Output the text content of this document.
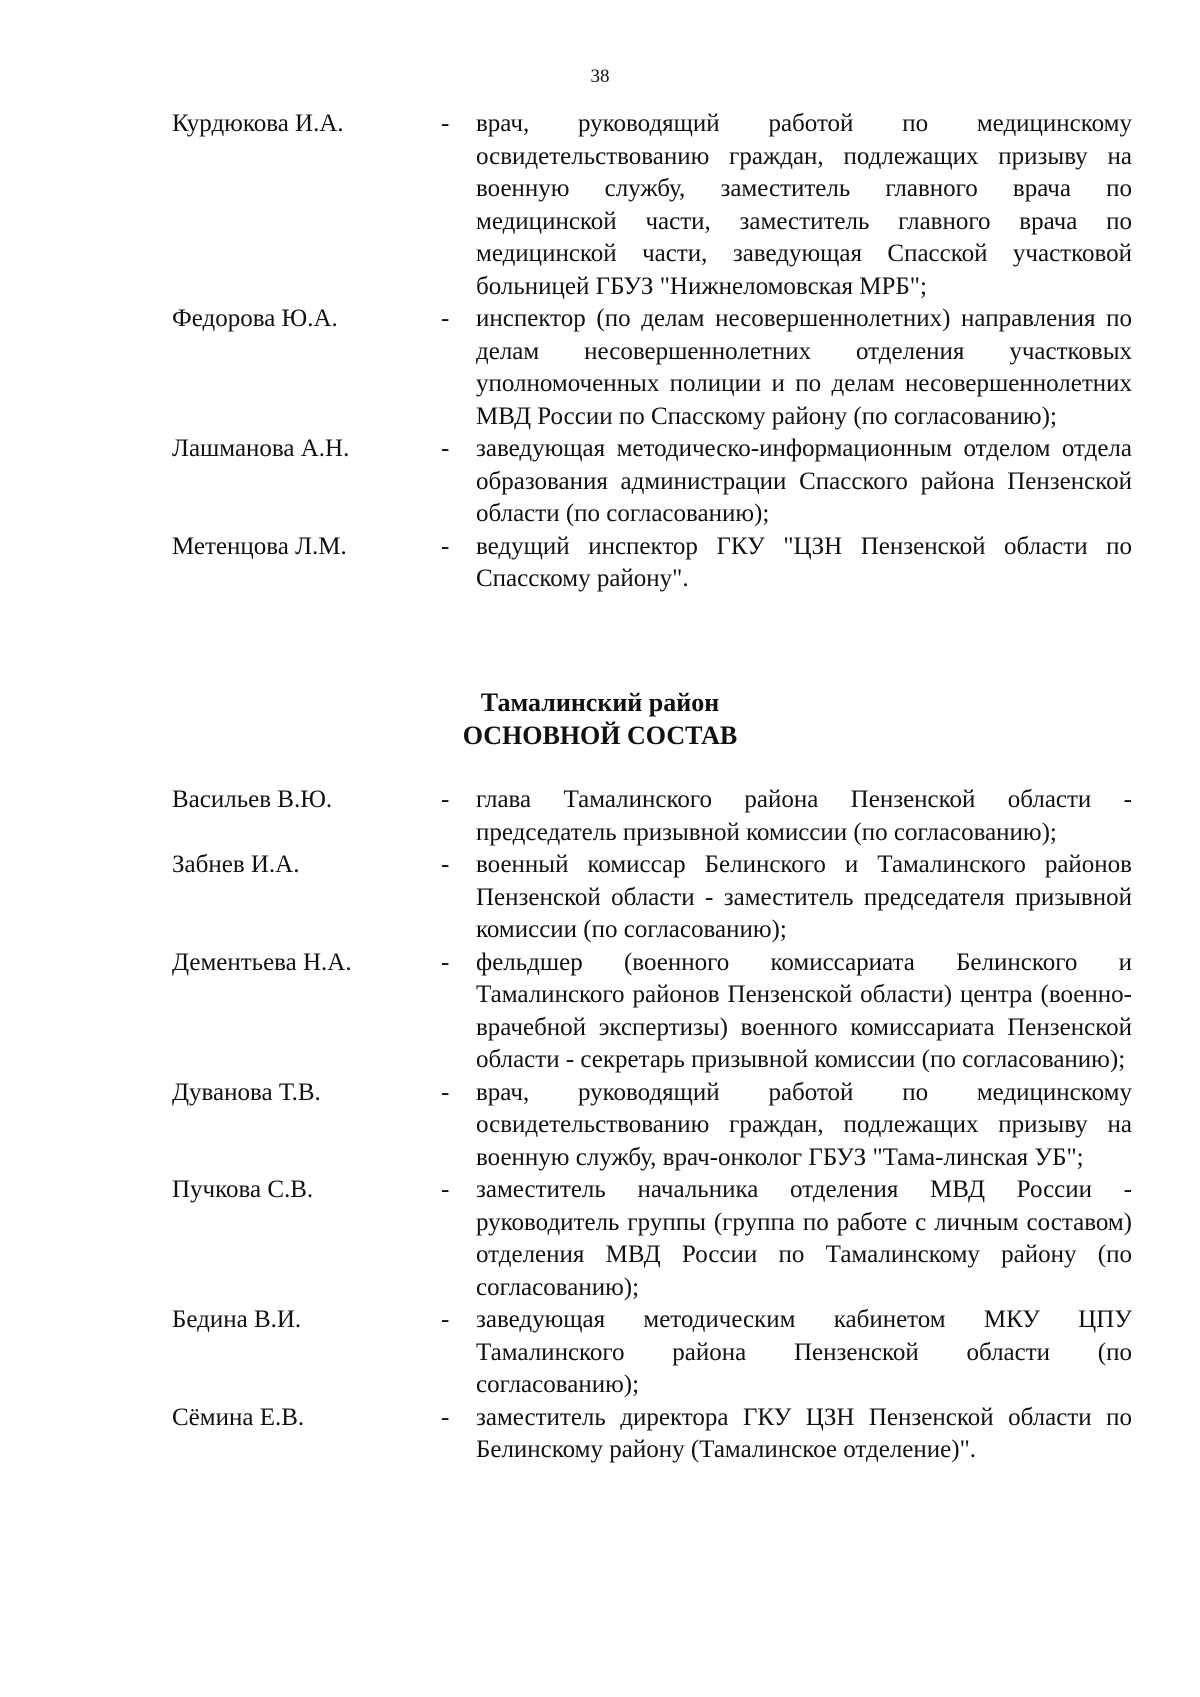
38
Курдюкова И.А.	- врач, руководящий работой по медицинскому освидетельствованию граждан, подлежащих призыву на военную службу, заместитель главного врача по медицинской части, заместитель главного врача по медицинской части, заведующая Спасской участковой больницей ГБУЗ "Нижнеломовская МРБ";
Федорова Ю.А.	- инспектор (по делам несовершеннолетних) направления по делам несовершеннолетних отделения участковых уполномоченных полиции и по делам несовершеннолетних МВД России по Спасскому району (по согласованию);
Лашманова А.Н.	- заведующая методическо-информационным отделом отдела образования администрации Спасского района Пензенской области (по согласованию);
Метенцова Л.М.	- ведущий инспектор ГКУ "ЦЗН Пензенской области по Спасскому району".
Тамалинский район
ОСНОВНОЙ СОСТАВ
Васильев В.Ю.	- глава Тамалинского района Пензенской области - председатель призывной комиссии (по согласованию);
Забнев И.А.	- военный комиссар Белинского и Тамалинского районов Пензенской области - заместитель председателя призывной комиссии (по согласованию);
Дементьева Н.А.	- фельдшер (военного комиссариата Белинского и Тамалинского районов Пензенской области) центра (военно-врачебной экспертизы) военного комиссариата Пензенской области - секретарь призывной комиссии (по согласованию);
Дуванова Т.В.	- врач, руководящий работой по медицинскому освидетельствованию граждан, подлежащих призыву на военную службу, врач-онколог ГБУЗ "Тама-линская УБ";
Пучкова С.В.	- заместитель начальника отделения МВД России - руководитель группы (группа по работе с личным составом) отделения МВД России по Тамалинскому району (по согласованию);
Бедина В.И.	- заведующая методическим кабинетом МКУ ЦПУ Тамалинского района Пензенской области (по согласованию);
Сёмина Е.В.	- заместитель директора ГКУ ЦЗН Пензенской области по Белинскому району (Тамалинское отделение)".
